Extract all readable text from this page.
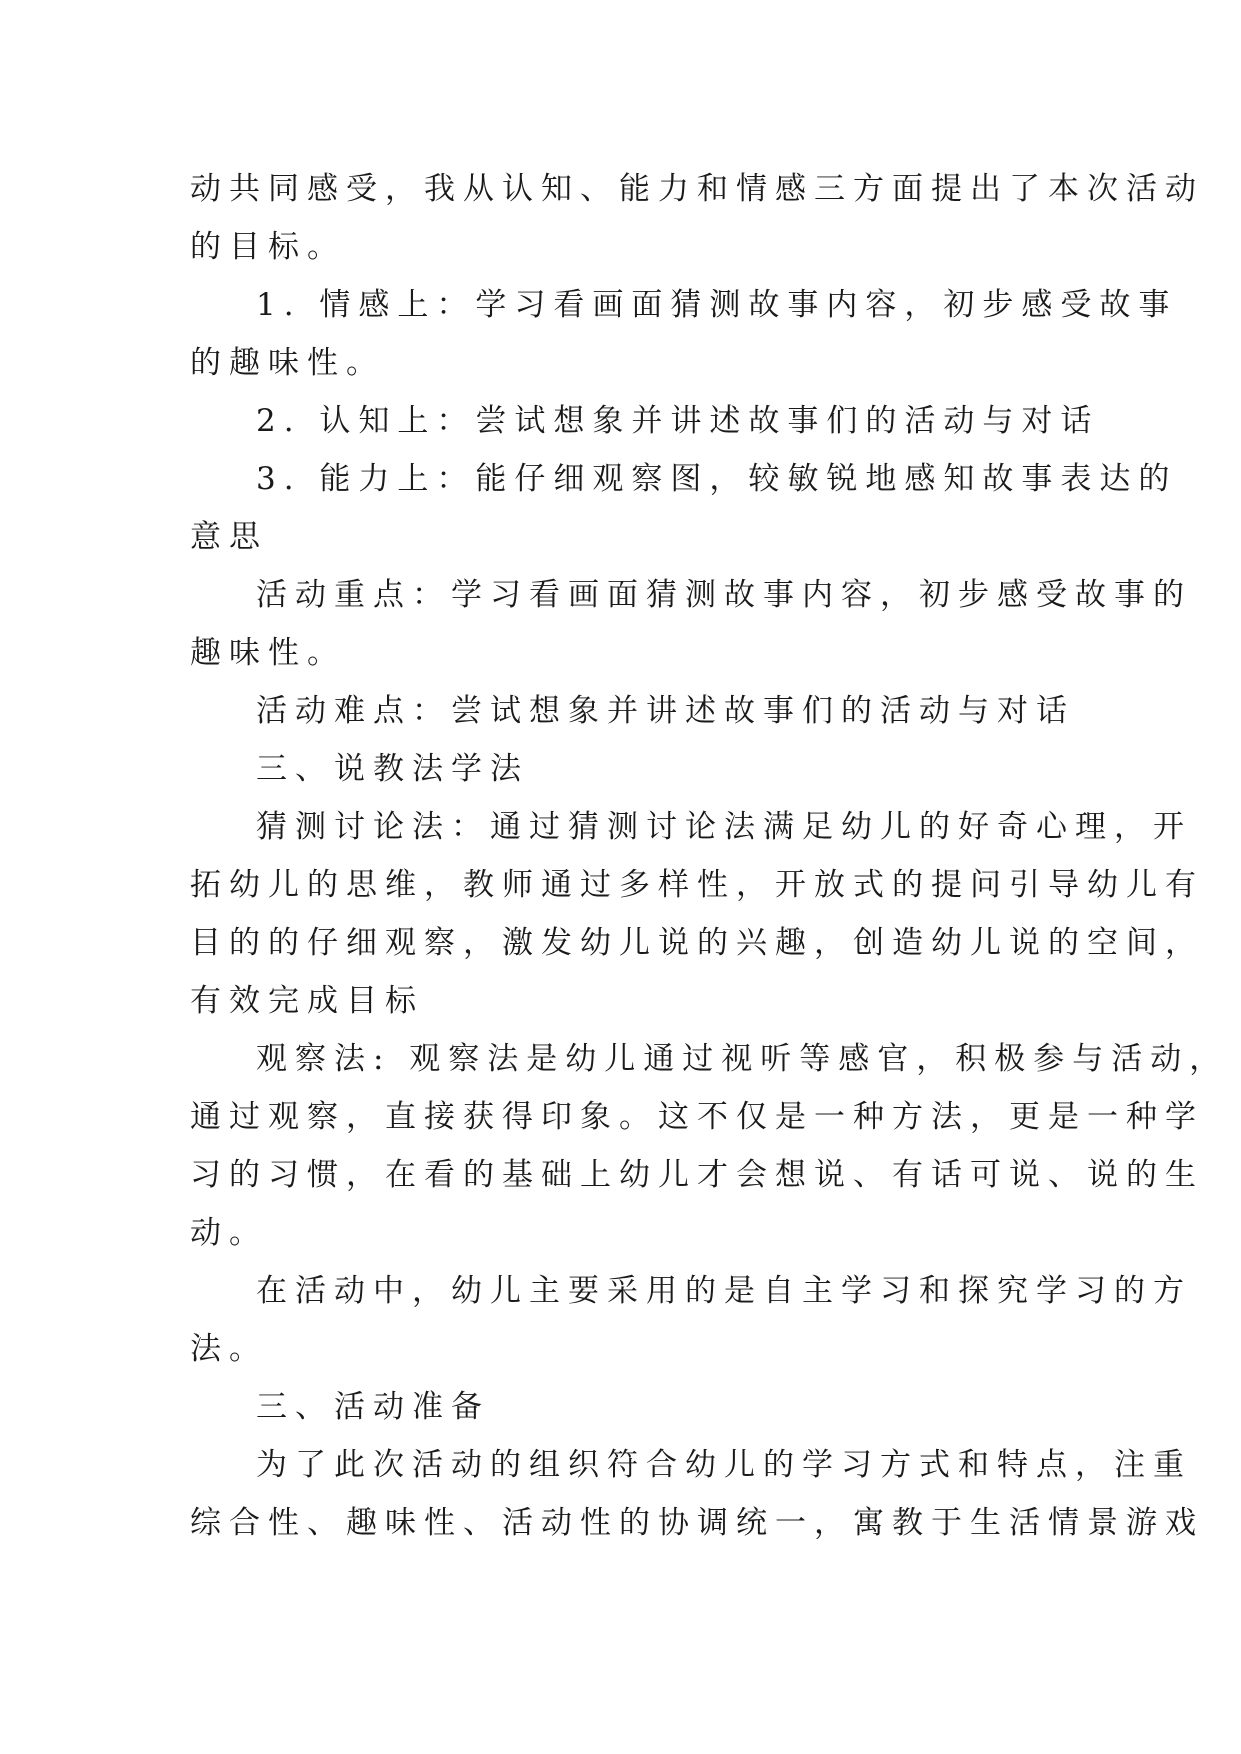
动共同感受，我从认知、能力和情感三方面提出了本次活动
的目标。
1. 情感上：学习看画面猜测故事内容，初步感受故事
的趣味性。
2. 认知上：尝试想象并讲述故事们的活动与对话
3. 能力上：能仔细观察图，较敏锐地感知故事表达的
意思
活动重点：学习看画面猜测故事内容，初步感受故事的
趣味性。
活动难点：尝试想象并讲述故事们的活动与对话
三、说教法学法
猜测讨论法：通过猜测讨论法满足幼儿的好奇心理，开
拓幼儿的思维，教师通过多样性，开放式的提问引导幼儿有
目的的仔细观察，激发幼儿说的兴趣，创造幼儿说的空间，
有效完成目标
观察法: 观察法是幼儿通过视听等感官，积极参与活动，
通过观察，直接获得印象。这不仅是一种方法，更是一种学
习的习惯，在看的基础上幼儿才会想说、有话可说、说的生
动。
在活动中，幼儿主要采用的是自主学习和探究学习的方
法。
三、活动准备
为了此次活动的组织符合幼儿的学习方式和特点，注重
综合性、趣味性、活动性的协调统一，寓教于生活情景游戏
